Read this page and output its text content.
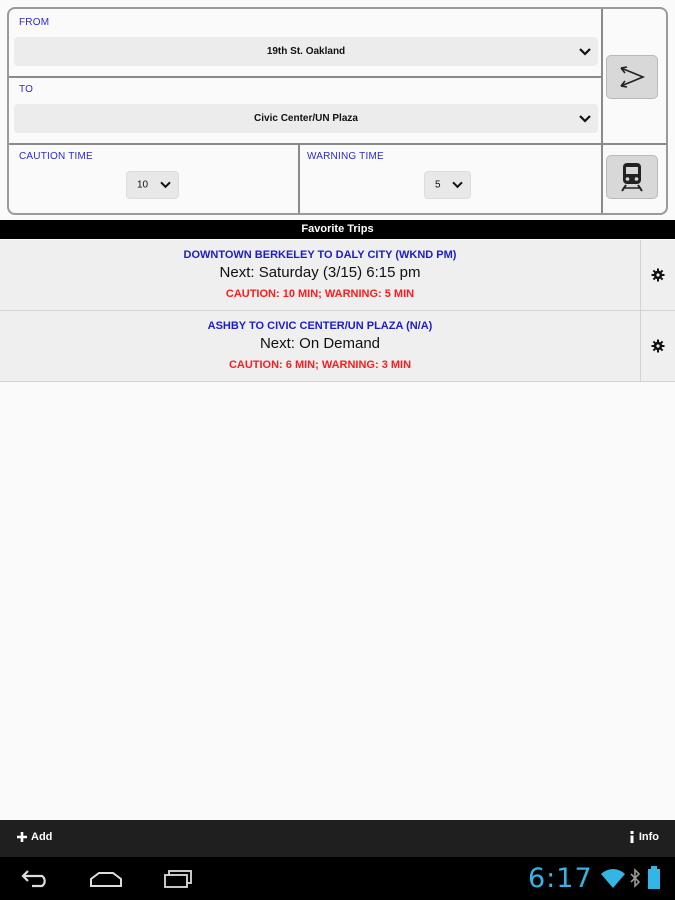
FROM
19th St. Oakland
TO
Civic Center/UN Plaza
CAUTION TIME
10
WARNING TIME
5
Favorite Trips
DOWNTOWN BERKELEY TO DALY CITY (WKND PM)
Next: Saturday (3/15) 6:15 pm
CAUTION: 10 MIN; WARNING: 5 MIN
ASHBY TO CIVIC CENTER/UN PLAZA (N/A)
Next: On Demand
CAUTION: 6 MIN; WARNING: 3 MIN
Add	Info
6:17
